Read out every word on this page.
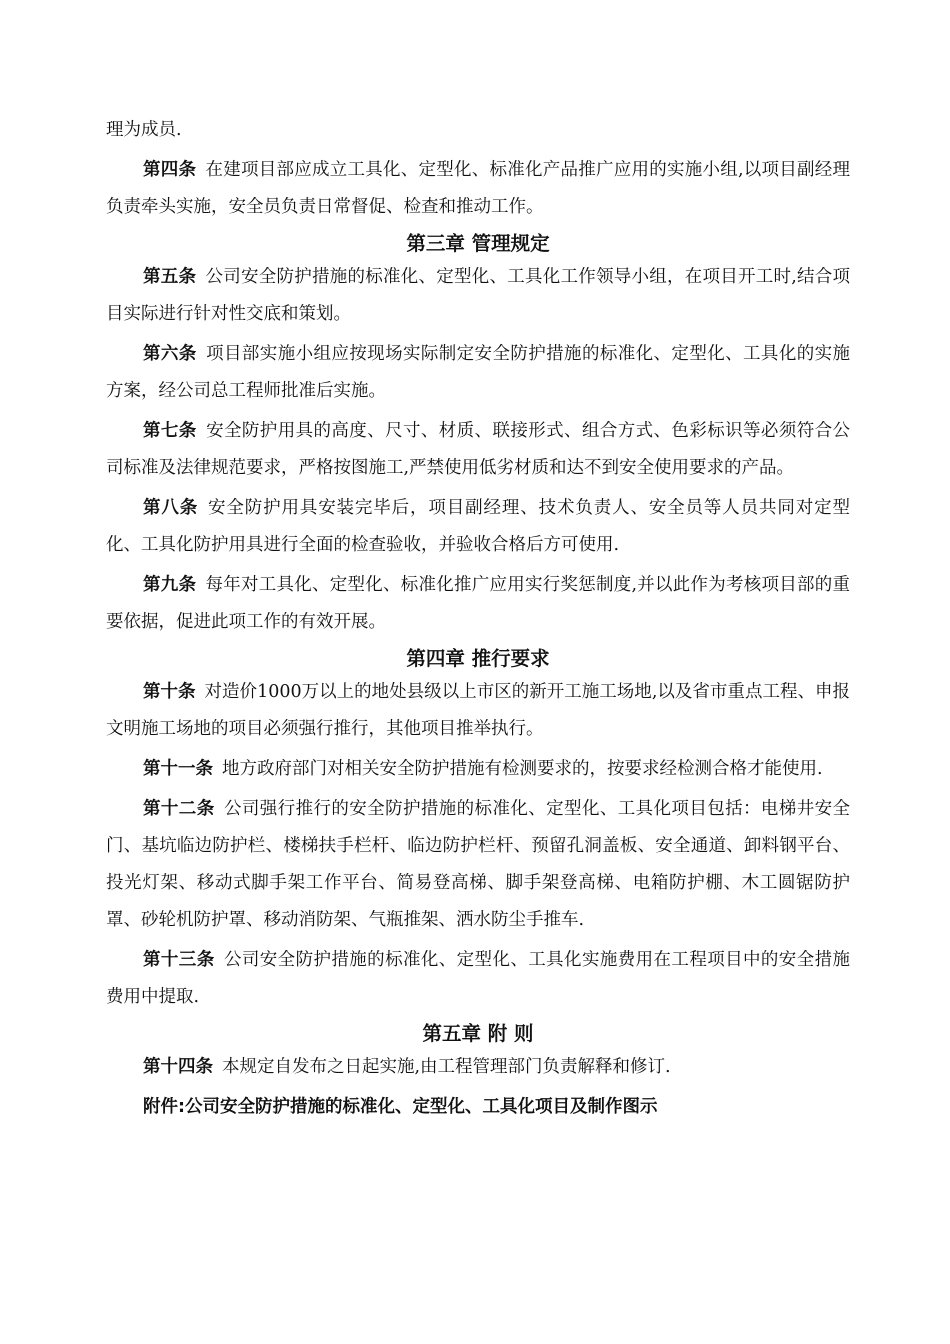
理为成员.

第四条 在建项目部应成立工具化、定型化、标准化产品推广应用的实施小组,以项目副经理负责牵头实施，安全员负责日常督促、检查和推动工作。

第三章 管理规定

第五条 公司安全防护措施的标准化、定型化、工具化工作领导小组，在项目开工时,结合项目实际进行针对性交底和策划。

第六条 项目部实施小组应按现场实际制定安全防护措施的标准化、定型化、工具化的实施方案，经公司总工程师批准后实施。

第七条 安全防护用具的高度、尺寸、材质、联接形式、组合方式、色彩标识等必须符合公司标准及法律规范要求，严格按图施工,严禁使用低劣材质和达不到安全使用要求的产品。

第八条 安全防护用具安装完毕后，项目副经理、技术负责人、安全员等人员共同对定型化、工具化防护用具进行全面的检查验收，并验收合格后方可使用.

第九条 每年对工具化、定型化、标准化推广应用实行奖惩制度,并以此作为考核项目部的重要依据，促进此项工作的有效开展。

第四章 推行要求

第十条 对造价1000万以上的地处县级以上市区的新开工施工场地,以及省市重点工程、申报文明施工场地的项目必须强行推行，其他项目推举执行。

第十一条 地方政府部门对相关安全防护措施有检测要求的，按要求经检测合格才能使用.

第十二条 公司强行推行的安全防护措施的标准化、定型化、工具化项目包括：电梯井安全门、基坑临边防护栏、楼梯扶手栏杆、临边防护栏杆、预留孔洞盖板、安全通道、卸料钢平台、投光灯架、移动式脚手架工作平台、简易登高梯、脚手架登高梯、电箱防护棚、木工圆锯防护罩、砂轮机防护罩、移动消防架、气瓶推架、洒水防尘手推车.

第十三条 公司安全防护措施的标准化、定型化、工具化实施费用在工程项目中的安全措施费用中提取.

第五章 附 则

第十四条 本规定自发布之日起实施,由工程管理部门负责解释和修订.

附件:公司安全防护措施的标准化、定型化、工具化项目及制作图示
